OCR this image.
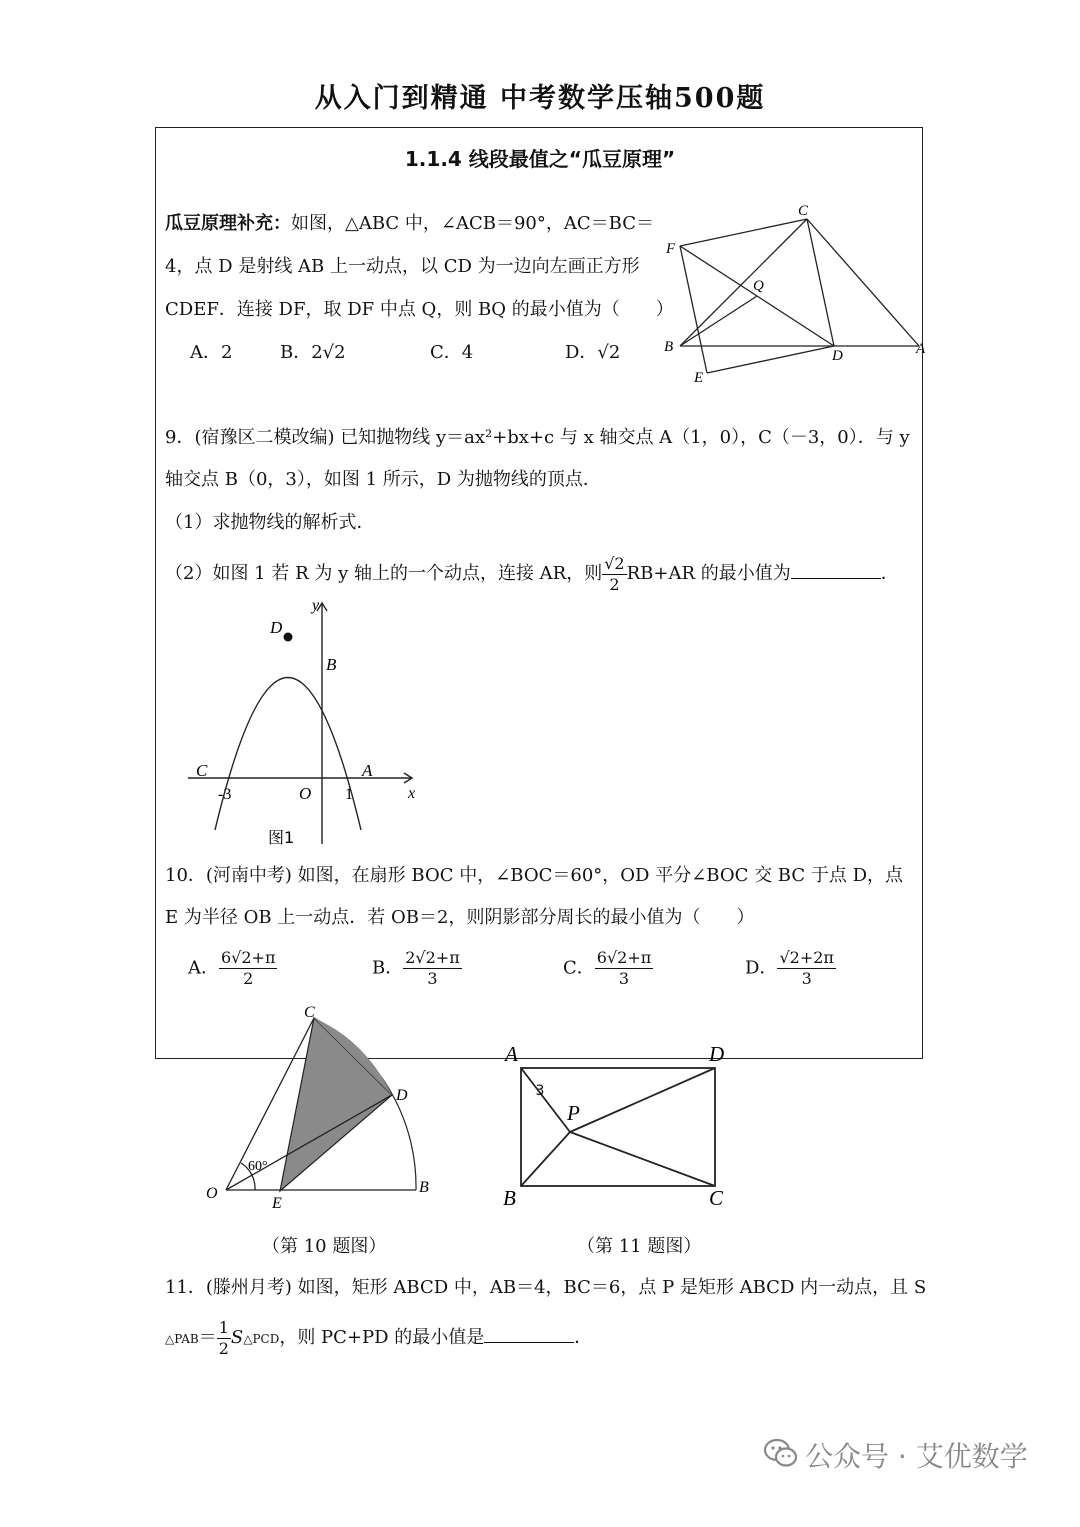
从入门到精通 中考数学压轴500题
1.1.4 线段最值之“瓜豆原理”
瓜豆原理补充：如图，△ABC 中，∠ACB＝90°，AC＝BC＝
4，点 D 是射线 AB 上一动点，以 CD 为一边向左画正方形
CDEF．连接 DF，取 DF 中点 Q，则 BQ 的最小值为（　　）
A．2	B．2√2	C．4	D．√2
C
F
Q
B
D	A
E
9．(宿豫区二模改编) 已知抛物线 y＝ax²+bx+c 与 x 轴交点 A（1，0），C（－3，0）．与 y
轴交点 B（0，3），如图 1 所示，D 为抛物线的顶点．
（1）求抛物线的解析式．
（2）如图 1 若 R 为 y 轴上的一个动点，连接 AR，则 $\frac{√2}{2} RB+AR$ 的最小值为	．
y
D
B
C	A
-3	O 1	x
图1
10．(河南中考) 如图，在扇形 BOC 中，∠BOC＝60°，OD 平分∠BOC 交 BC 于点 D，点
E 为半径 OB 上一动点．若 OB＝2，则阴影部分周长的最小值为（　　）
A． $\frac{6√2+\pi}{2}$	B． $\frac{2√2+\pi}{3}$	C． $\frac{6√2+\pi}{3}$	D． $\frac{√2+2\pi}{3}$
C
D
O
E
B
60°
（第 10 题图）
A	D
P
B	C
（第 11 题图）
11．(滕州月考) 如图，矩形 ABCD 中，AB＝4，BC＝6，点 P 是矩形 ABCD 内一动点，且 S
△PAB＝ $\frac{1}{2}$ S△PCD，则 PC+PD 的最小值是	．
3
公众号 · 艾优数学
